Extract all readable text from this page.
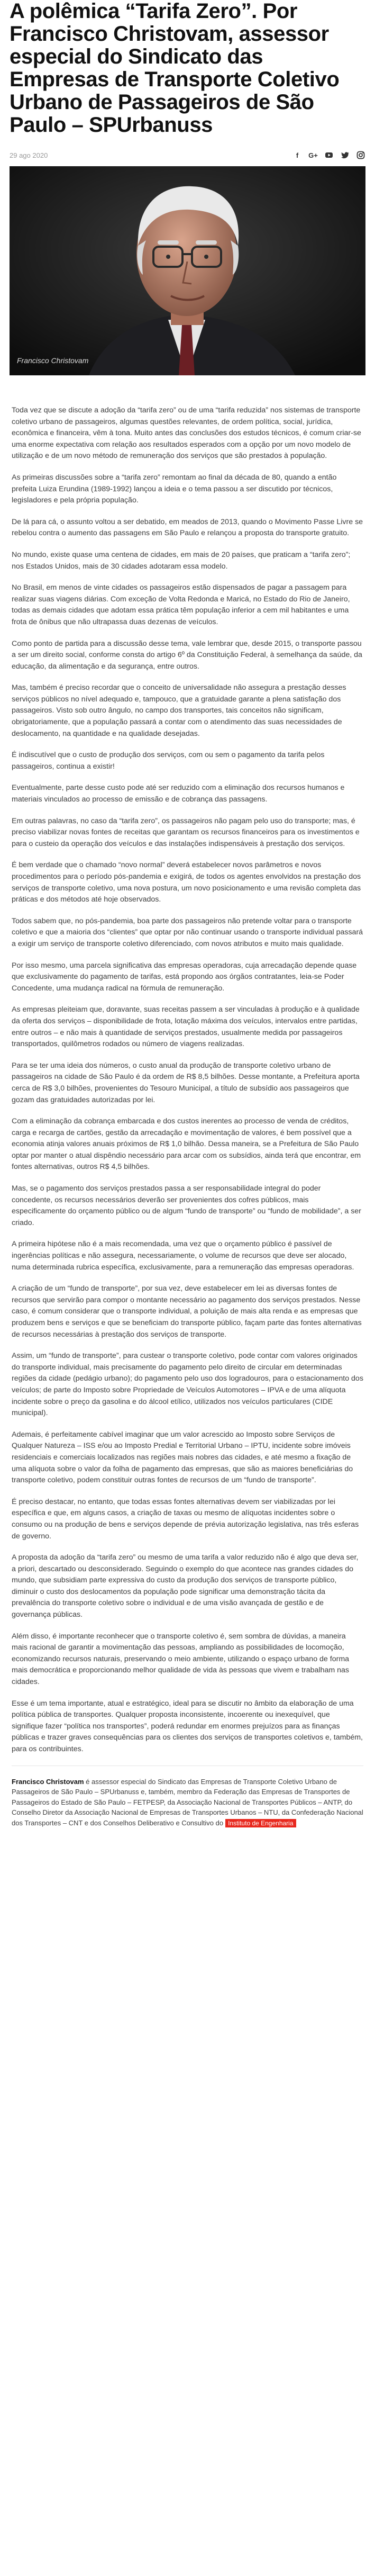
A polêmica “Tarifa Zero”. Por Francisco Christovam, assessor especial do Sindicato das Empresas de Transporte Coletivo Urbano de Passageiros de São Paulo – SPUrbanuss
29 ago 2020	f	G+
Francisco Christovam

Toda vez que se discute a adoção da “tarifa zero” ou de uma “tarifa reduzida” nos sistemas de transporte coletivo urbano de passageiros, algumas questões relevantes, de ordem política, social, jurídica, econômica e financeira, vêm à tona. Muito antes das conclusões dos estudos técnicos, é comum criar-se uma enorme expectativa com relação aos resultados esperados com a opção por um novo modelo de utilização e de um novo método de remuneração dos serviços que são prestados à população.

As primeiras discussões sobre a “tarifa zero” remontam ao final da década de 80, quando a então prefeita Luiza Erundina (1989-1992) lançou a ideia e o tema passou a ser discutido por técnicos, legisladores e pela própria população.

De lá para cá, o assunto voltou a ser debatido, em meados de 2013, quando o Movimento Passe Livre se rebelou contra o aumento das passagens em São Paulo e relançou a proposta do transporte gratuito.

No mundo, existe quase uma centena de cidades, em mais de 20 países, que praticam a “tarifa zero”; nos Estados Unidos, mais de 30 cidades adotaram essa modelo.

No Brasil, em menos de vinte cidades os passageiros estão dispensados de pagar a passagem para realizar suas viagens diárias. Com exceção de Volta Redonda e Maricá, no Estado do Rio de Janeiro, todas as demais cidades que adotam essa prática têm população inferior a cem mil habitantes e uma frota de ônibus que não ultrapassa duas dezenas de veículos.

Como ponto de partida para a discussão desse tema, vale lembrar que, desde 2015, o transporte passou a ser um direito social, conforme consta do artigo 6º da Constituição Federal, à semelhança da saúde, da educação, da alimentação e da segurança, entre outros.

Mas, também é preciso recordar que o conceito de universalidade não assegura a prestação desses serviços públicos no nível adequado e, tampouco, que a gratuidade garante a plena satisfação dos passageiros. Visto sob outro ângulo, no campo dos transportes, tais conceitos não significam, obrigatoriamente, que a população passará a contar com o atendimento das suas necessidades de deslocamento, na quantidade e na qualidade desejadas.

É indiscutível que o custo de produção dos serviços, com ou sem o pagamento da tarifa pelos passageiros, continua a existir!

Eventualmente, parte desse custo pode até ser reduzido com a eliminação dos recursos humanos e materiais vinculados ao processo de emissão e de cobrança das passagens.

Em outras palavras, no caso da “tarifa zero”, os passageiros não pagam pelo uso do transporte; mas, é preciso viabilizar novas fontes de receitas que garantam os recursos financeiros para os investimentos e para o custeio da operação dos veículos e das instalações indispensáveis à prestação dos serviços.

É bem verdade que o chamado “novo normal” deverá estabelecer novos parâmetros e novos procedimentos para o período pós-pandemia e exigirá, de todos os agentes envolvidos na prestação dos serviços de transporte coletivo, uma nova postura, um novo posicionamento e uma revisão completa das práticas e dos métodos até hoje observados.

Todos sabem que, no pós-pandemia, boa parte dos passageiros não pretende voltar para o transporte coletivo e que a maioria dos “clientes” que optar por não continuar usando o transporte individual passará a exigir um serviço de transporte coletivo diferenciado, com novos atributos e muito mais qualidade.

Por isso mesmo, uma parcela significativa das empresas operadoras, cuja arrecadação depende quase que exclusivamente do pagamento de tarifas, está propondo aos órgãos contratantes, leia-se Poder Concedente, uma mudança radical na fórmula de remuneração.

As empresas pleiteiam que, doravante, suas receitas passem a ser vinculadas à produção e à qualidade da oferta dos serviços – disponibilidade de frota, lotação máxima dos veículos, intervalos entre partidas, entre outros – e não mais à quantidade de serviços prestados, usualmente medida por passageiros transportados, quilômetros rodados ou número de viagens realizadas.

Para se ter uma ideia dos números, o custo anual da produção de transporte coletivo urbano de passageiros na cidade de São Paulo é da ordem de R$ 8,5 bilhões. Desse montante, a Prefeitura aporta cerca de R$ 3,0 bilhões, provenientes do Tesouro Municipal, a título de subsídio aos passageiros que gozam das gratuidades autorizadas por lei.

Com a eliminação da cobrança embarcada e dos custos inerentes ao processo de venda de créditos, carga e recarga de cartões, gestão da arrecadação e movimentação de valores, é bem possível que a economia atinja valores anuais próximos de R$ 1,0 bilhão. Dessa maneira, se a Prefeitura de São Paulo optar por manter o atual dispêndio necessário para arcar com os subsídios, ainda terá que encontrar, em fontes alternativas, outros R$ 4,5 bilhões.

Mas, se o pagamento dos serviços prestados passa a ser responsabilidade integral do poder concedente, os recursos necessários deverão ser provenientes dos cofres públicos, mais especificamente do orçamento público ou de algum “fundo de transporte” ou “fundo de mobilidade”, a ser criado.

A primeira hipótese não é a mais recomendada, uma vez que o orçamento público é passível de ingerências políticas e não assegura, necessariamente, o volume de recursos que deve ser alocado, numa determinada rubrica específica, exclusivamente, para a remuneração das empresas operadoras.

A criação de um “fundo de transporte”, por sua vez, deve estabelecer em lei as diversas fontes de recursos que servirão para compor o montante necessário ao pagamento dos serviços prestados. Nesse caso, é comum considerar que o transporte individual, a poluição de mais alta renda e as empresas que produzem bens e serviços e que se beneficiam do transporte público, façam parte das fontes alternativas de recursos necessárias à prestação dos serviços de transporte.

Assim, um “fundo de transporte”, para custear o transporte coletivo, pode contar com valores originados do transporte individual, mais precisamente do pagamento pelo direito de circular em determinadas regiões da cidade (pedágio urbano); do pagamento pelo uso dos logradouros, para o estacionamento dos veículos; de parte do Imposto sobre Propriedade de Veículos Automotores – IPVA e de uma alíquota incidente sobre o preço da gasolina e do álcool etílico, utilizados nos veículos particulares (CIDE municipal).

Ademais, é perfeitamente cabível imaginar que um valor acrescido ao Imposto sobre Serviços de Qualquer Natureza – ISS e/ou ao Imposto Predial e Territorial Urbano – IPTU, incidente sobre imóveis residenciais e comerciais localizados nas regiões mais nobres das cidades, e até mesmo a fixação de uma alíquota sobre o valor da folha de pagamento das empresas, que são as maiores beneficiárias do transporte coletivo, podem constituir outras fontes de recursos de um “fundo de transporte”.

É preciso destacar, no entanto, que todas essas fontes alternativas devem ser viabilizadas por lei específica e que, em alguns casos, a criação de taxas ou mesmo de alíquotas incidentes sobre o consumo ou na produção de bens e serviços depende de prévia autorização legislativa, nas três esferas de governo.

A proposta da adoção da “tarifa zero” ou mesmo de uma tarifa a valor reduzido não é algo que deva ser, a priori, descartado ou desconsiderado. Seguindo o exemplo do que acontece nas grandes cidades do mundo, que subsidiam parte expressiva do custo da produção dos serviços de transporte público, diminuir o custo dos deslocamentos da população pode significar uma demonstração tácita da prevalência do transporte coletivo sobre o individual e de uma visão avançada de gestão e de governança públicas.

Além disso, é importante reconhecer que o transporte coletivo é, sem sombra de dúvidas, a maneira mais racional de garantir a movimentação das pessoas, ampliando as possibilidades de locomoção, economizando recursos naturais, preservando o meio ambiente, utilizando o espaço urbano de forma mais democrática e proporcionando melhor qualidade de vida às pessoas que vivem e trabalham nas cidades.

Esse é um tema importante, atual e estratégico, ideal para se discutir no âmbito da elaboração de uma política pública de transportes. Qualquer proposta inconsistente, incoerente ou inexequível, que signifique fazer “política nos transportes”, poderá redundar em enormes prejuízos para as finanças públicas e trazer graves consequências para os clientes dos serviços de transportes coletivos e, também, para os contribuintes.

Francisco Christovam é assessor especial do Sindicato das Empresas de Transporte Coletivo Urbano de Passageiros de São Paulo – SPUrbanuss e, também, membro da Federação das Empresas de Transportes de Passageiros do Estado de São Paulo – FETPESP, da Associação Nacional de Transportes Públicos – ANTP, do Conselho Diretor da Associação Nacional de Empresas de Transportes Urbanos – NTU, da Confederação Nacional dos Transportes – CNT e dos Conselhos Deliberativo e Consultivo do Instituto de Engenharia
